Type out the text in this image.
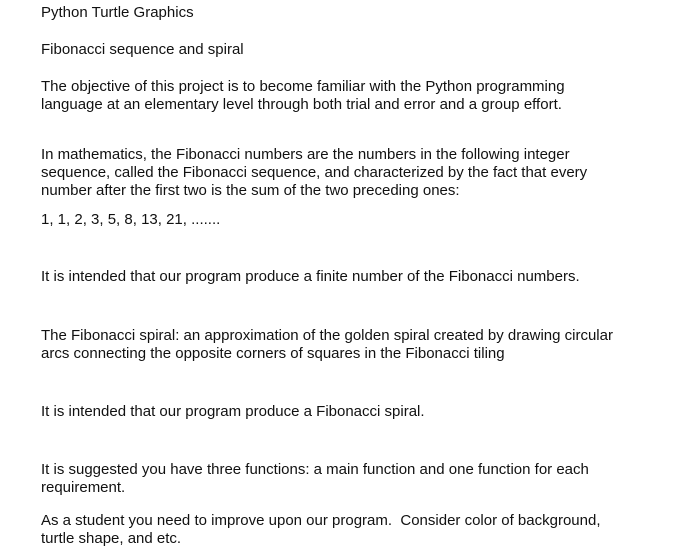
Python Turtle Graphics

Fibonacci sequence and spiral

The objective of this project is to become familiar with the Python programming

language at an elementary level through both trial and error and a group effort.

In mathematics, the Fibonacci numbers are the numbers in the following integer

sequence, called the Fibonacci sequence, and characterized by the fact that every

number after the first two is the sum of the two preceding ones:

1, 1, 2, 3, 5, 8, 13, 21, .......

It is intended that our program produce a finite number of the Fibonacci numbers.

The Fibonacci spiral: an approximation of the golden spiral created by drawing circular

arcs connecting the opposite corners of squares in the Fibonacci tiling

It is intended that our program produce a Fibonacci spiral.

It is suggested you have three functions: a main function and one function for each

requirement.

As a student you need to improve upon our program.  Consider color of background,

turtle shape, and etc.
